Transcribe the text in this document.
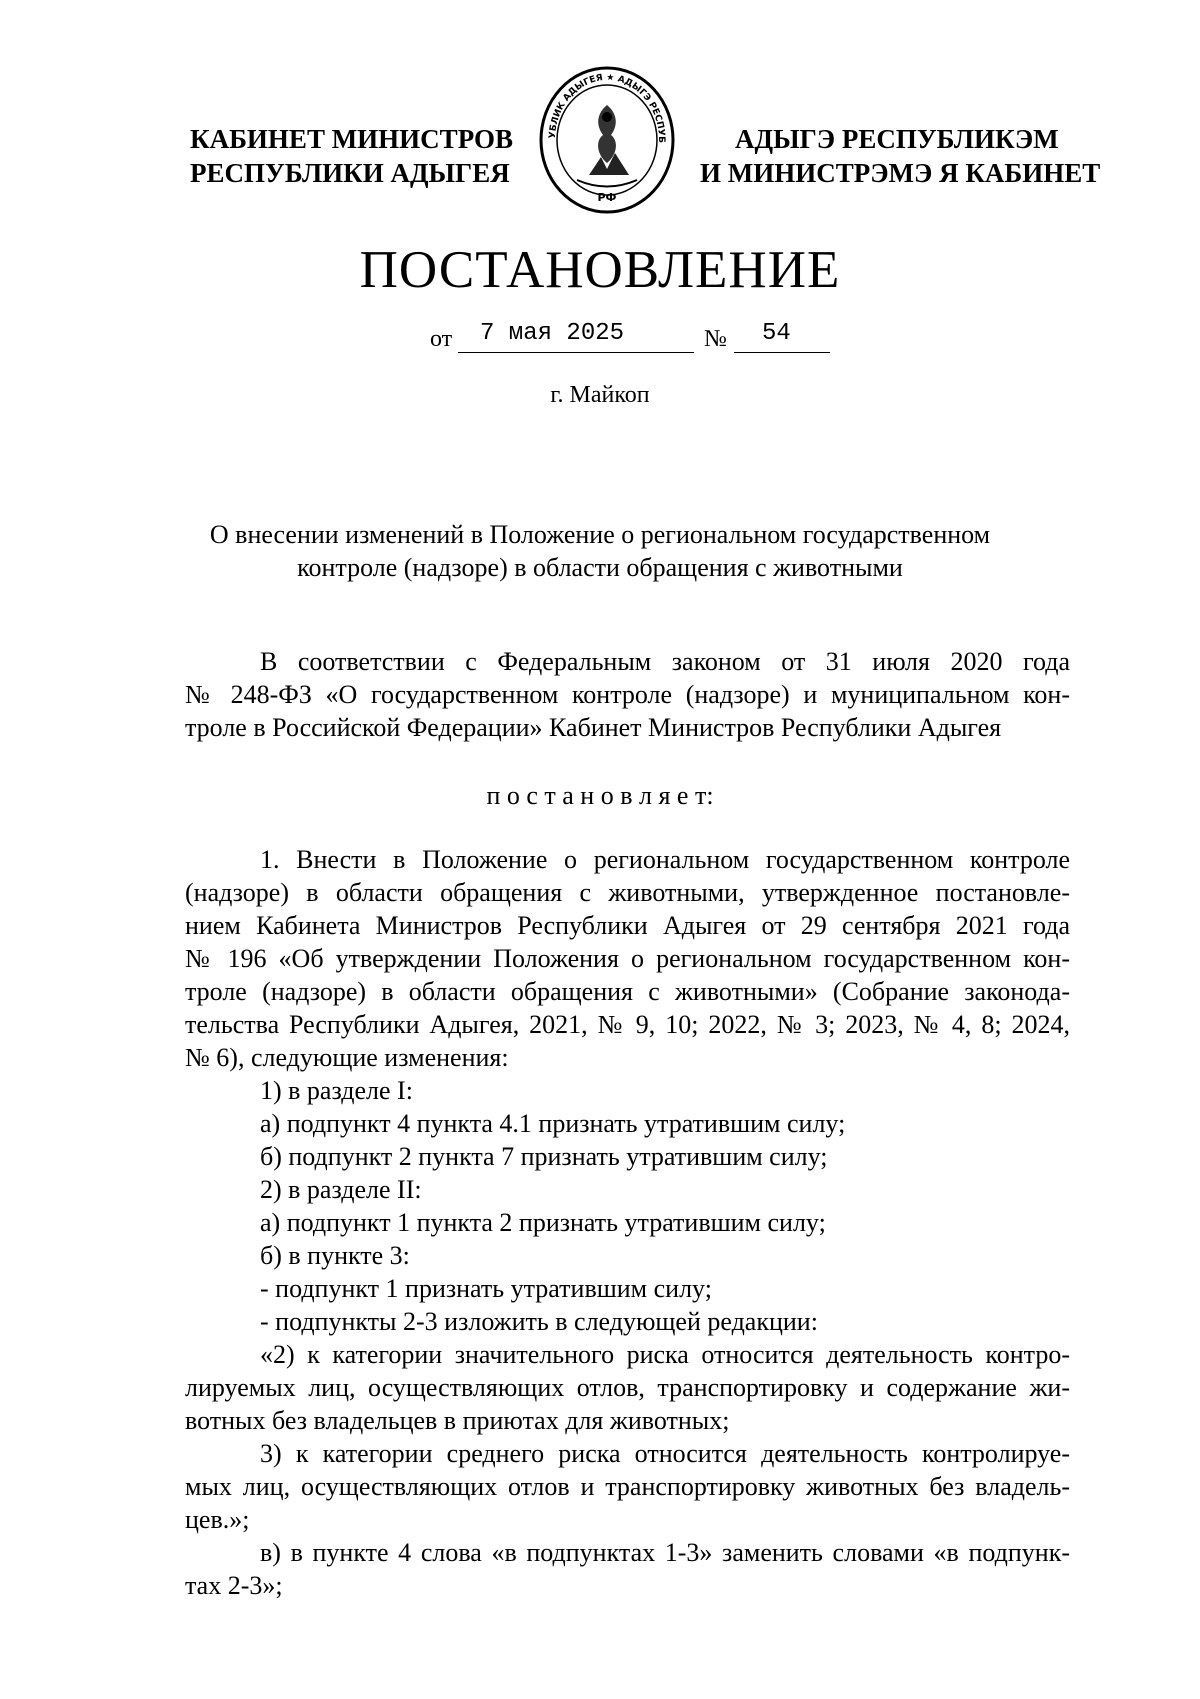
КАБИНЕТ МИНИСТРОВ
РЕСПУБЛИКИ АДЫГЕЯ
УБЛИК АДЫГЕЯ ★ АДЫГЭ РЕСПУБ
РФ
АДЫГЭ РЕСПУБЛИКЭМ
И МИНИСТРЭМЭ Я КАБИНЕТ
ПОСТАНОВЛЕНИЕ
от 7 мая 2025	№ 54
г. Майкоп
О внесении изменений в Положение о региональном государственном
контроле (надзоре) в области обращения с животными
В соответствии с Федеральным законом от 31 июля 2020 года
№ 248-ФЗ «О государственном контроле (надзоре) и муниципальном кон-
троле в Российской Федерации» Кабинет Министров Республики Адыгея
п о с т а н о в л я е т:
1. Внести в Положение о региональном государственном контроле
(надзоре) в области обращения с животными, утвержденное постановле-
нием Кабинета Министров Республики Адыгея от 29 сентября 2021 года
№ 196 «Об утверждении Положения о региональном государственном кон-
троле (надзоре) в области обращения с животными» (Собрание законода-
тельства Республики Адыгея, 2021, № 9, 10; 2022, № 3; 2023, № 4, 8; 2024,
№ 6), следующие изменения:
1) в разделе I:
а) подпункт 4 пункта 4.1 признать утратившим силу;
б) подпункт 2 пункта 7 признать утратившим силу;
2) в разделе II:
а) подпункт 1 пункта 2 признать утратившим силу;
б) в пункте 3:
- подпункт 1 признать утратившим силу;
- подпункты 2-3 изложить в следующей редакции:
«2) к категории значительного риска относится деятельность контро-
лируемых лиц, осуществляющих отлов, транспортировку и содержание жи-
вотных без владельцев в приютах для животных;
3) к категории среднего риска относится деятельность контролируе-
мых лиц, осуществляющих отлов и транспортировку животных без владель-
цев.»;
в) в пункте 4 слова «в подпунктах 1-3» заменить словами «в подпунк-
тах 2-3»;
